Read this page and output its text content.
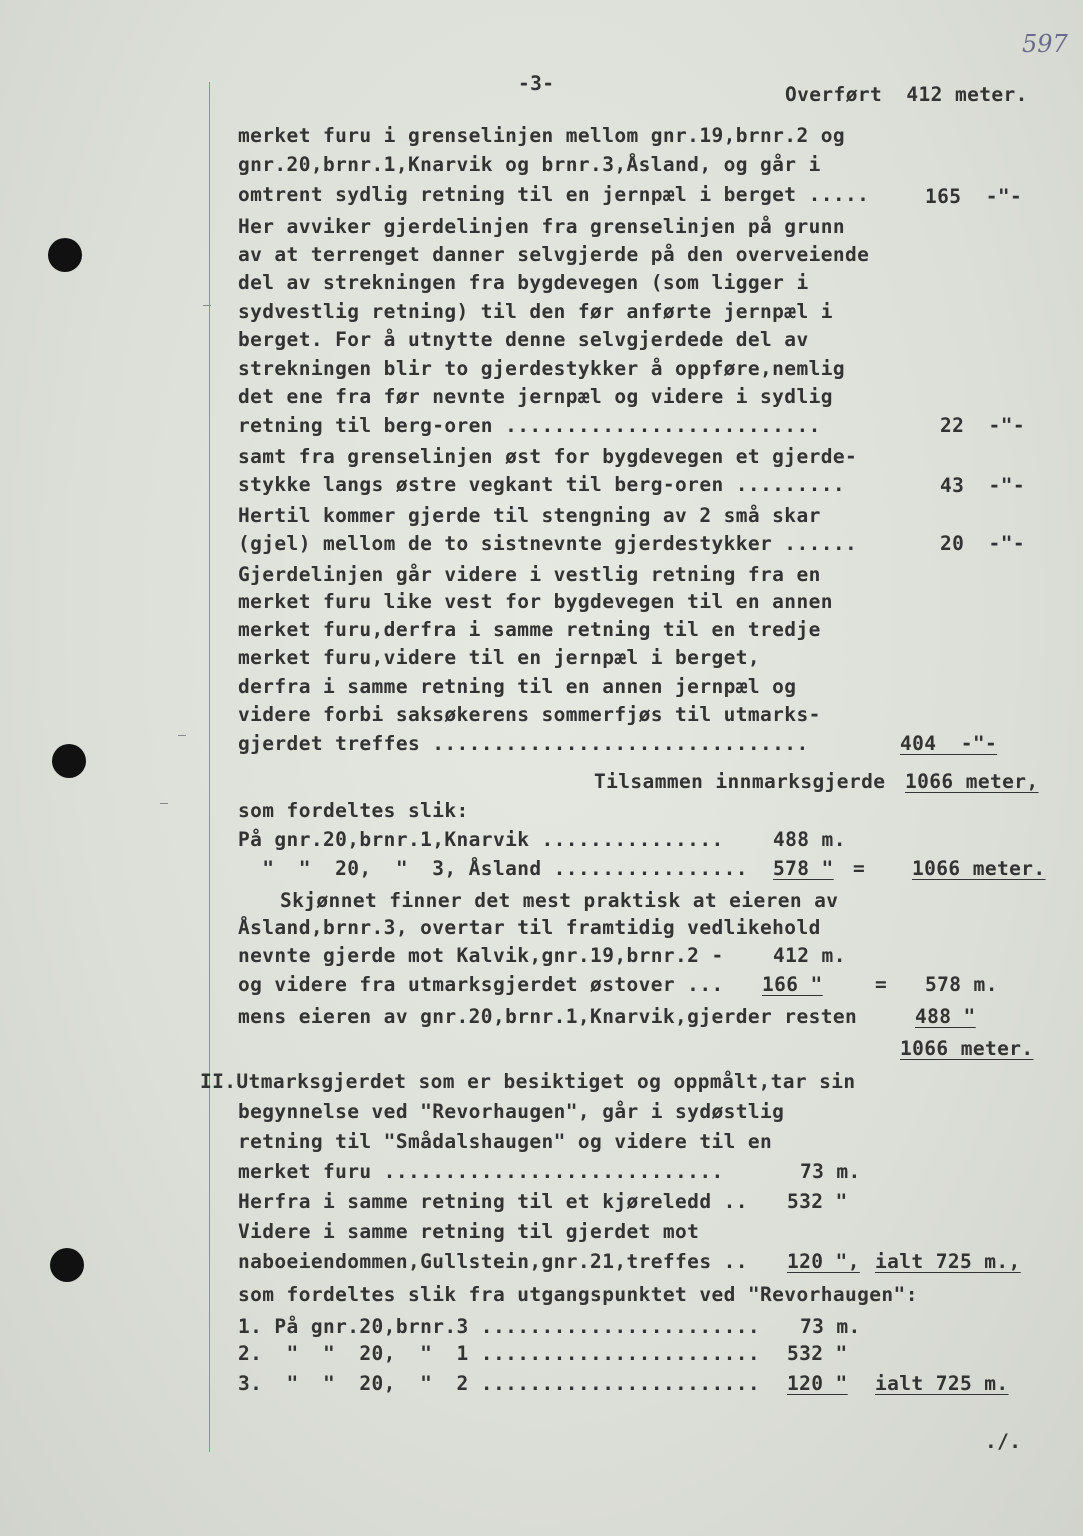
597
-3-	Overført  412 meter.
merket furu i grenselinjen mellom gnr.19,brnr.2 og
gnr.20,brnr.1,Knarvik og brnr.3,Åsland, og går i
omtrent sydlig retning til en jernpæl i berget .....	165  -"-
Her avviker gjerdelinjen fra grenselinjen på grunn
av at terrenget danner selvgjerde på den overveiende
del av strekningen fra bygdevegen (som ligger i
sydvestlig retning) til den før anførte jernpæl i
berget. For å utnytte denne selvgjerdede del av
strekningen blir to gjerdestykker å oppføre,nemlig
det ene fra før nevnte jernpæl og videre i sydlig
retning til berg-oren ..........................	22  -"-
samt fra grenselinjen øst for bygdevegen et gjerde-
stykke langs østre vegkant til berg-oren .........	43  -"-
Hertil kommer gjerde til stengning av 2 små skar
(gjel) mellom de to sistnevnte gjerdestykker ......	20  -"-
Gjerdelinjen går videre i vestlig retning fra en
merket furu like vest for bygdevegen til en annen
merket furu,derfra i samme retning til en tredje
merket furu,videre til en jernpæl i berget,
derfra i samme retning til en annen jernpæl og
videre forbi saksøkerens sommerfjøs til utmarks-
gjerdet treffes ...............................	404  -"-
Tilsammen innmarksgjerde 1066 meter,
som fordeltes slik:
På gnr.20,brnr.1,Knarvik ...............	488 m.
"  "  20,  "  3, Åsland ................ 578 " = 1066 meter.
Skjønnet finner det mest praktisk at eieren av
Åsland,brnr.3, overtar til framtidig vedlikehold
nevnte gjerde mot Kalvik,gnr.19,brnr.2 -	412 m.
og videre fra utmarksgjerdet østover ... 166 "	= 578 m.
mens eieren av gnr.20,brnr.1,Knarvik,gjerder resten	488 "
1066 meter.
II.Utmarksgjerdet som er besiktiget og oppmålt,tar sin
begynnelse ved "Revorhaugen", går i sydøstlig
retning til "Smådalshaugen" og videre til en
merket furu ............................	73 m.
Herfra i samme retning til et kjøreledd .. 532 "
Videre i samme retning til gjerdet mot
naboeiendommen,Gullstein,gnr.21,treffes .. 120 ", ialt 725 m.,
som fordeltes slik fra utgangspunktet ved "Revorhaugen":
1. På gnr.20,brnr.3 ....................... 73 m.
2.  "  "  20,  "  1 ....................... 532 "
3.  "  "  20,  "  2 ....................... 120 " ialt 725 m.
./.
